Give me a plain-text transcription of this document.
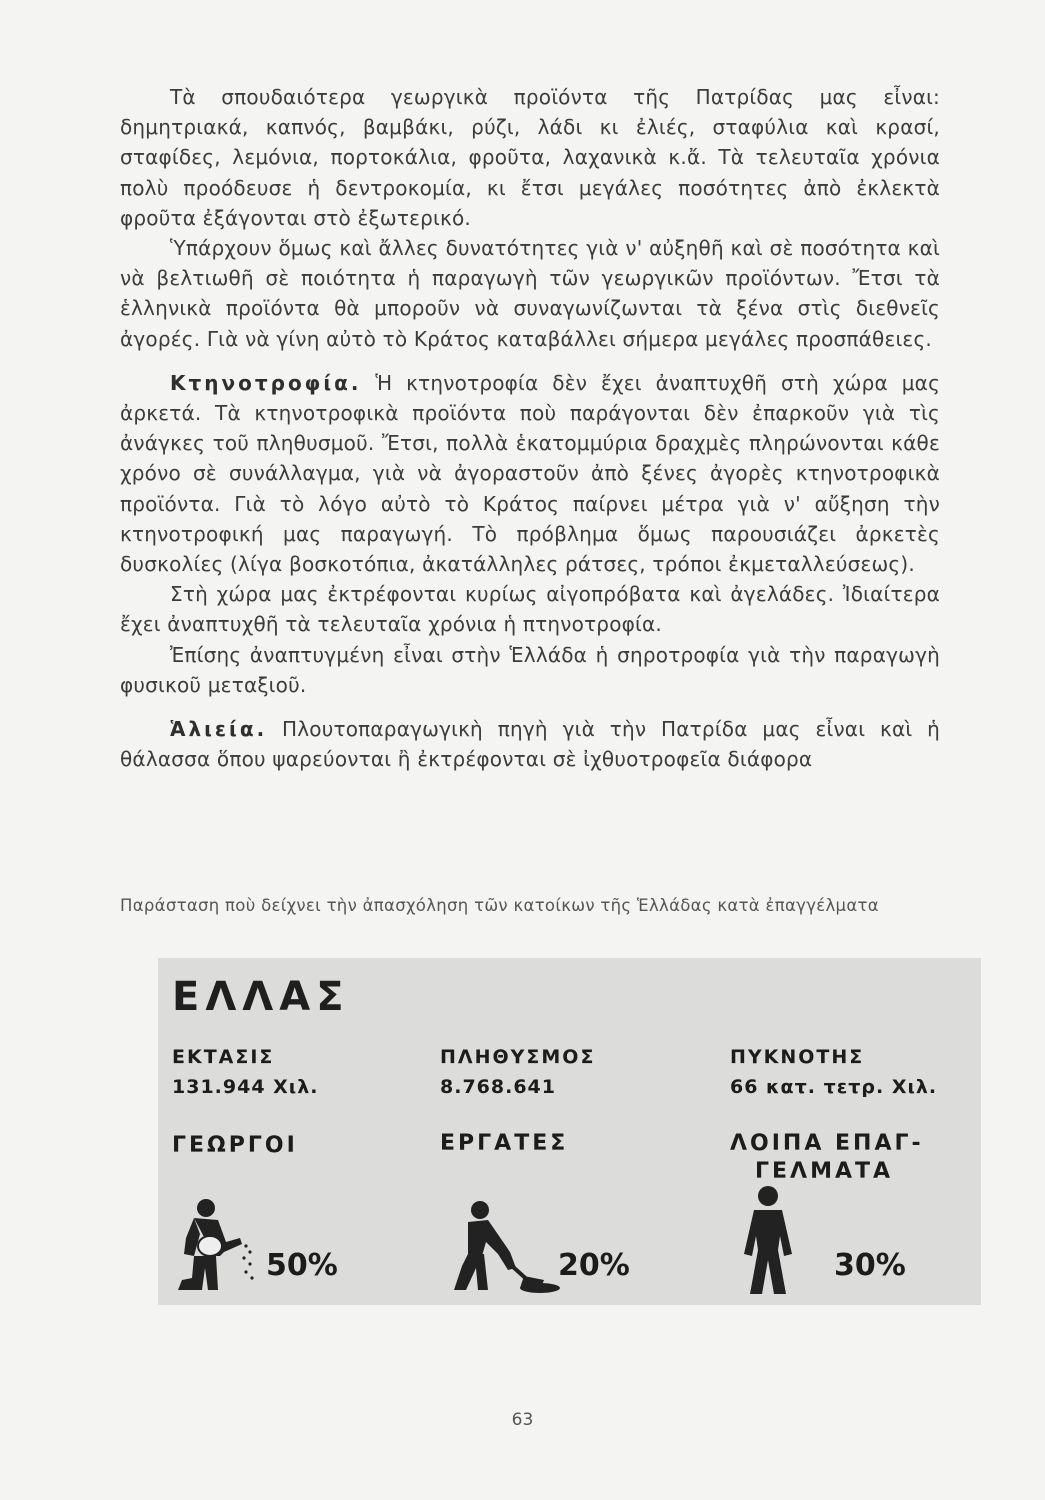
Τὰ σπουδαιότερα γεωργικὰ προϊόντα τῆς Πατρίδας μας εἶναι: δημητριακά, καπνός, βαμβάκι, ρύζι, λάδι κι ἐλιές, σταφύλια καὶ κρασί, σταφίδες, λεμόνια, πορτοκάλια, φροῦτα, λαχανικὰ κ.ἄ. Τὰ τελευταῖα χρόνια πολὺ προόδευσε ἡ δεντροκομία, κι ἔτσι μεγάλες ποσότητες ἀπὸ ἐκλεκτὰ φροῦτα ἐξάγονται στὸ ἐξωτερικό.

Ὑπάρχουν ὅμως καὶ ἄλλες δυνατότητες γιὰ ν' αὐξηθῆ καὶ σὲ ποσότητα καὶ νὰ βελτιωθῆ σὲ ποιότητα ἡ παραγωγὴ τῶν γεωργικῶν προϊόντων. Ἔτσι τὰ ἑλληνικὰ προϊόντα θὰ μποροῦν νὰ συναγωνίζωνται τὰ ξένα στὶς διεθνεῖς ἀγορές. Γιὰ νὰ γίνη αὐτὸ τὸ Κράτος καταβάλλει σήμερα μεγάλες προσπάθειες.

Κτηνοτροφία. Ἡ κτηνοτροφία δὲν ἔχει ἀναπτυχθῆ στὴ χώρα μας ἀρκετά. Τὰ κτηνοτροφικὰ προϊόντα ποὺ παράγονται δὲν ἐπαρκοῦν γιὰ τὶς ἀνάγκες τοῦ πληθυσμοῦ. Ἔτσι, πολλὰ ἑκατομμύρια δραχμὲς πληρώνονται κάθε χρόνο σὲ συνάλλαγμα, γιὰ νὰ ἀγοραστοῦν ἀπὸ ξένες ἀγορὲς κτηνοτροφικὰ προϊόντα. Γιὰ τὸ λόγο αὐτὸ τὸ Κράτος παίρνει μέτρα γιὰ ν' αὔξηση τὴν κτηνοτροφική μας παραγωγή. Τὸ πρόβλημα ὅμως παρουσιάζει ἀρκετὲς δυσκολίες (λίγα βοσκοτόπια, ἀκατάλληλες ράτσες, τρόποι ἐκμεταλλεύσεως).

Στὴ χώρα μας ἐκτρέφονται κυρίως αἰγοπρόβατα καὶ ἀγελάδες. Ἰδιαίτερα ἔχει ἀναπτυχθῆ τὰ τελευταῖα χρόνια ἡ πτηνοτροφία.

Ἐπίσης ἀναπτυγμένη εἶναι στὴν Ἑλλάδα ἡ σηροτροφία γιὰ τὴν παραγωγὴ φυσικοῦ μεταξιοῦ.

Ἁλιεία. Πλουτοπαραγωγικὴ πηγὴ γιὰ τὴν Πατρίδα μας εἶναι καὶ ἡ θάλασσα ὅπου ψαρεύονται ἢ ἐκτρέφονται σὲ ἰχθυοτροφεῖα διάφορα

Παράσταση ποὺ δείχνει τὴν ἀπασχόληση τῶν κατοίκων τῆς Ἑλλάδας κατὰ ἐπαγγέλματα
ΕΛΛΑΣ
ΕΚΤΑΣΙΣ
131.944 Χιλ.
ΠΛΗΘΥΣΜΟΣ
8.768.641
ΠΥΚΝΟΤΗΣ
66 κατ. τετρ. Χιλ.
ΓΕΩΡΓΟΙ	ΕΡΓΑΤΕΣ	ΛΟΙΠΑ ΕΠΑΓ-
ΓΕΛΜΑΤΑ
50%	20%	30%
63
